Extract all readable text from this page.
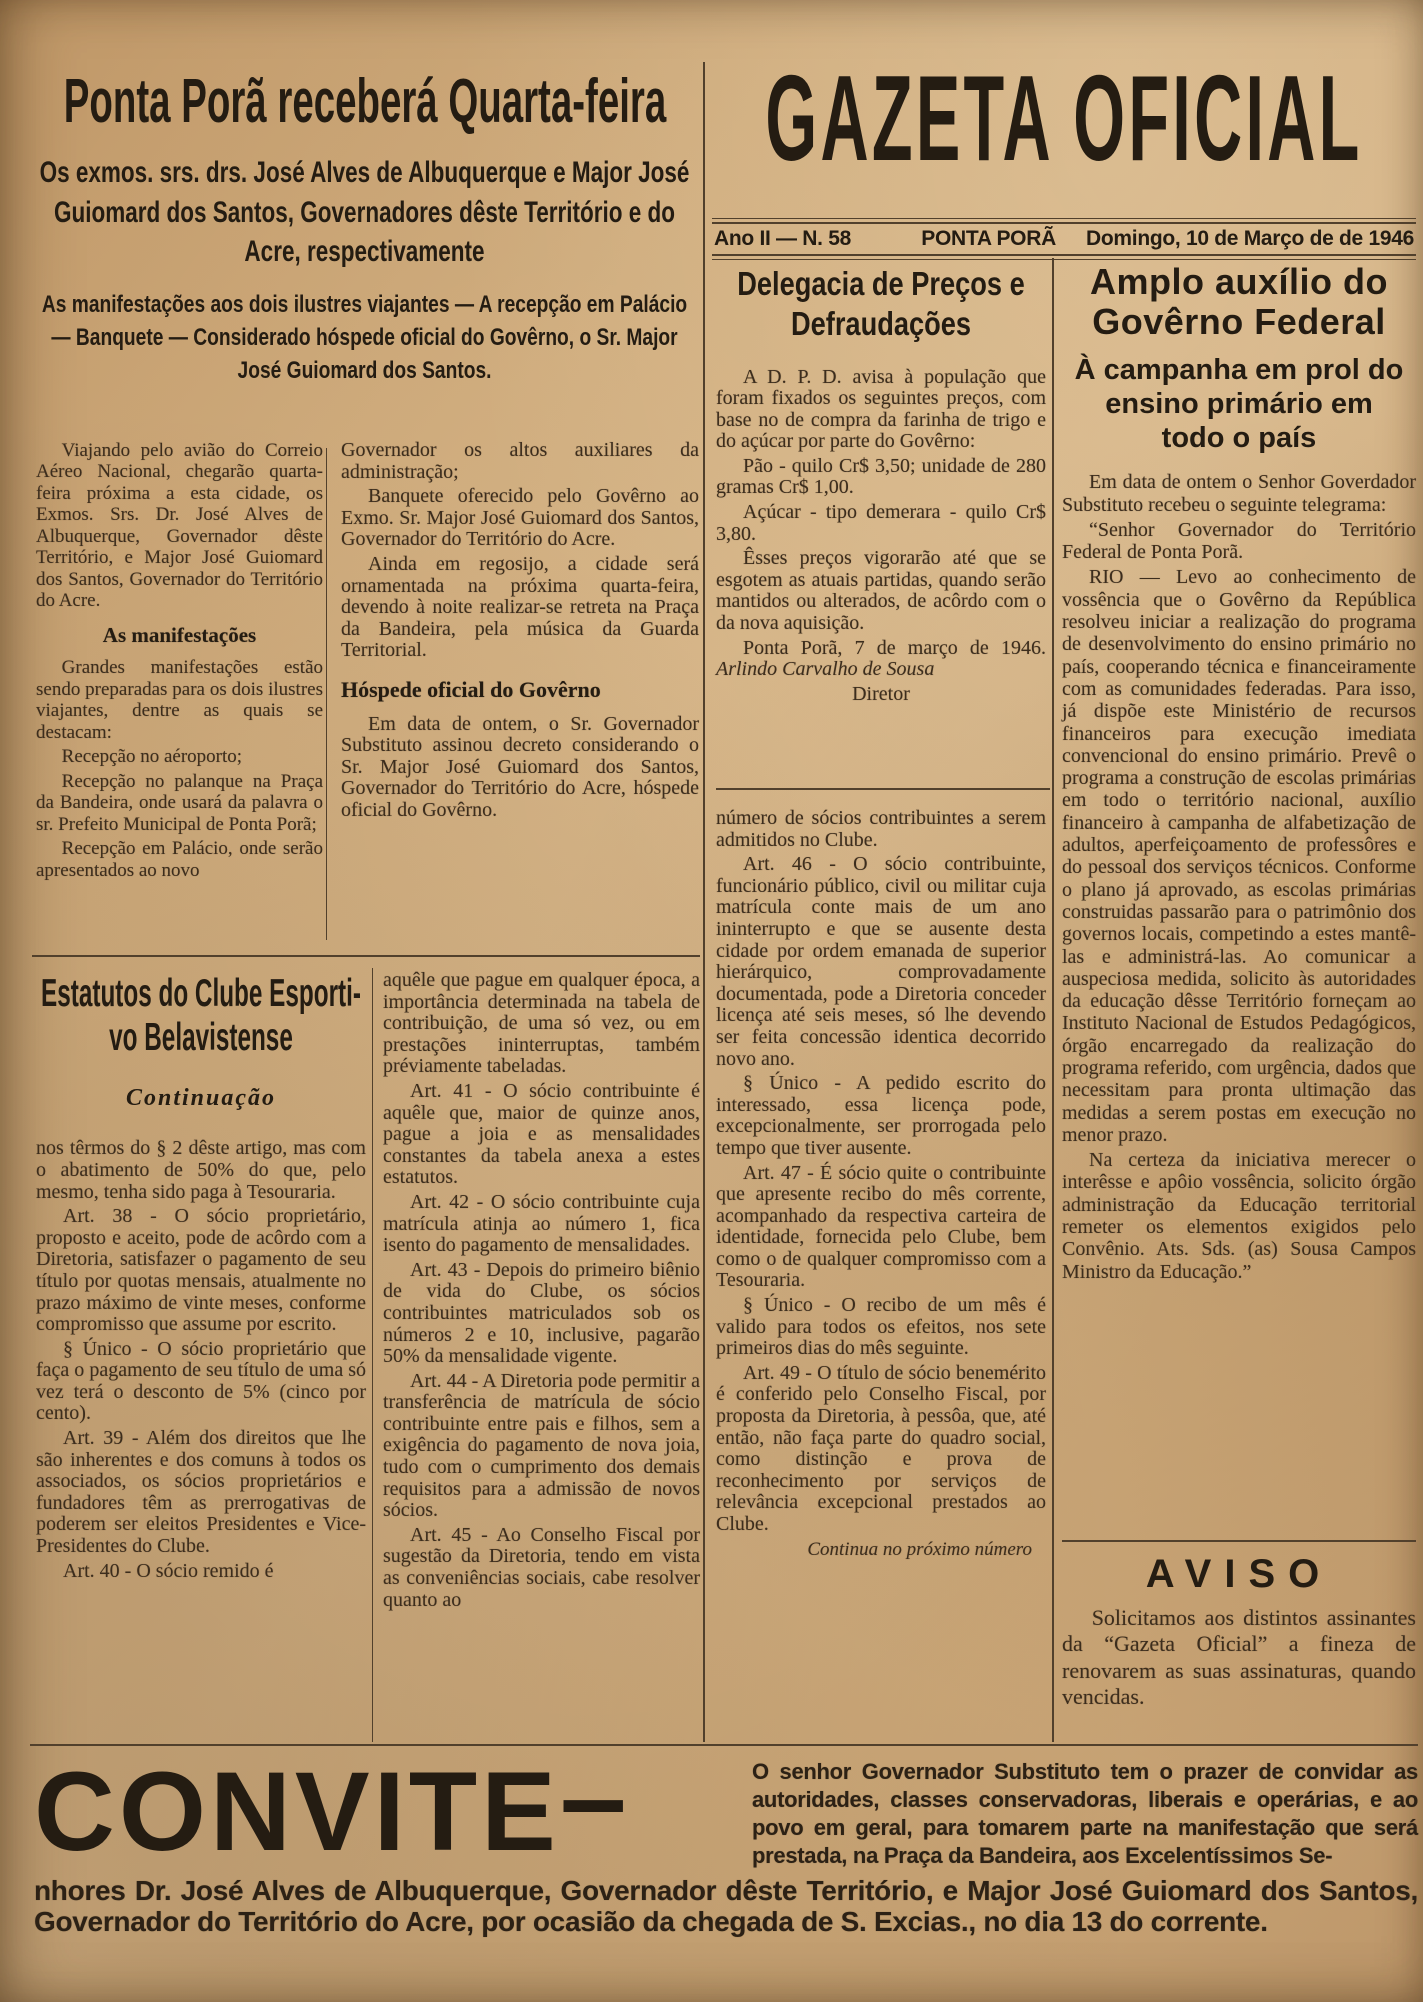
Ponta Porã receberá Quarta-feira
Os exmos. srs. drs. José Alves de Albuquerque e Major José Guiomard dos Santos, Governadores dêste Território e do Acre, respectivamente
As manifestações aos dois ilustres viajantes — A recepção em Palácio — Banquete — Considerado hóspede oficial do Govêrno, o Sr. Major José Guiomard dos Santos.
GAZETA OFICIAL
Ano II — N. 58	PONTA PORÃ	Domingo, 10 de Março de de 1946

Viajando pelo avião do Correio Aéreo Nacional, chegarão quarta-feira próxima a esta cidade, os Exmos. Srs. Dr. José Alves de Albuquerque, Governador dêste Território, e Major José Guiomard dos Santos, Governador do Território do Acre.

As manifestações

Grandes manifestações estão sendo preparadas para os dois ilustres viajantes, dentre as quais se destacam:

Recepção no aéroporto;

Recepção no palanque na Praça da Bandeira, onde usará da palavra o sr. Prefeito Municipal de Ponta Porã;

Recepção em Palácio, onde serão apresentados ao novo

Governador os altos auxiliares da administração;

Banquete oferecido pelo Govêrno ao Exmo. Sr. Major José Guiomard dos Santos, Governador do Território do Acre.

Ainda em regosijo, a cidade será ornamentada na próxima quarta-feira, devendo à noite realizar-se retreta na Praça da Bandeira, pela música da Guarda Territorial.

Hóspede oficial do Govêrno

Em data de ontem, o Sr. Governador Substituto assinou decreto considerando o Sr. Major José Guiomard dos Santos, Governador do Território do Acre, hóspede oficial do Govêrno.

Estatutos do Clube Esporti-
vo Belavistense
Continuação

nos têrmos do § 2 dêste artigo, mas com o abatimento de 50% do que, pelo mesmo, tenha sido paga à Tesouraria.

Art. 38 - O sócio proprietário, proposto e aceito, pode de acôrdo com a Diretoria, satisfazer o pagamento de seu título por quotas mensais, atualmente no prazo máximo de vinte meses, conforme compromisso que assume por escrito.

§ Único - O sócio proprietário que faça o pagamento de seu título de uma só vez terá o desconto de 5% (cinco por cento).

Art. 39 - Além dos direitos que lhe são inherentes e dos comuns à todos os associados, os sócios proprietários e fundadores têm as prerrogativas de poderem ser eleitos Presidentes e Vice-Presidentes do Clube.

Art. 40 - O sócio remido é

aquêle que pague em qualquer época, a importância determinada na tabela de contribuição, de uma só vez, ou em prestações ininterruptas, também préviamente tabeladas.

Art. 41 - O sócio contribuinte é aquêle que, maior de quinze anos, pague a joia e as mensalidades constantes da tabela anexa a estes estatutos.

Art. 42 - O sócio contribuinte cuja matrícula atinja ao número 1, fica isento do pagamento de mensalidades.

Art. 43 - Depois do primeiro biênio de vida do Clube, os sócios contribuintes matriculados sob os números 2 e 10, inclusive, pagarão 50% da mensalidade vigente.

Art. 44 - A Diretoria pode permitir a transferência de matrícula de sócio contribuinte entre pais e filhos, sem a exigência do pagamento de nova joia, tudo com o cumprimento dos demais requisitos para a admissão de novos sócios.

Art. 45 - Ao Conselho Fiscal por sugestão da Diretoria, tendo em vista as conveniências sociais, cabe resolver quanto ao

Delegacia de Preços e Defraudações

A D. P. D. avisa à população que foram fixados os seguintes preços, com base no de compra da farinha de trigo e do açúcar por parte do Govêrno:

Pão - quilo Cr$ 3,50; unidade de 280 gramas Cr$ 1,00.

Açúcar - tipo demerara - quilo Cr$ 3,80.

Êsses preços vigorarão até que se esgotem as atuais partidas, quando serão mantidos ou alterados, de acôrdo com o da nova aquisição.

Ponta Porã, 7 de março de 1946. Arlindo Carvalho de Sousa

Diretor

número de sócios contribuintes a serem admitidos no Clube.

Art. 46 - O sócio contribuinte, funcionário público, civil ou militar cuja matrícula conte mais de um ano ininterrupto e que se ausente desta cidade por ordem emanada de superior hierárquico, comprovadamente documentada, pode a Diretoria conceder licença até seis meses, só lhe devendo ser feita concessão identica decorrido novo ano.

§ Único - A pedido escrito do interessado, essa licença pode, excepcionalmente, ser prorrogada pelo tempo que tiver ausente.

Art. 47 - É sócio quite o contribuinte que apresente recibo do mês corrente, acompanhado da respectiva carteira de identidade, fornecida pelo Clube, bem como o de qualquer compromisso com a Tesouraria.

§ Único - O recibo de um mês é valido para todos os efeitos, nos sete primeiros dias do mês seguinte.

Art. 49 - O título de sócio benemérito é conferido pelo Conselho Fiscal, por proposta da Diretoria, à pessôa, que, até então, não faça parte do quadro social, como distinção e prova de reconhecimento por serviços de relevância excepcional prestados ao Clube.

Continua no próximo número

Amplo auxílio do Govêrno Federal
À campanha em prol do ensino primário em todo o país

Em data de ontem o Senhor Goverdador Substituto recebeu o seguinte telegrama:

“Senhor Governador do Território Federal de Ponta Porã.

RIO — Levo ao conhecimento de vossência que o Govêrno da República resolveu iniciar a realização do programa de desenvolvimento do ensino primário no país, cooperando técnica e financeiramente com as comunidades federadas. Para isso, já dispõe este Ministério de recursos financeiros para execução imediata convencional do ensino primário. Prevê o programa a construção de escolas primárias em todo o território nacional, auxílio financeiro à campanha de alfabetização de adultos, aperfeiçoamento de professôres e do pessoal dos serviços técnicos. Conforme o plano já aprovado, as escolas primárias construidas passarão para o patrimônio dos governos locais, competindo a estes mantê-las e administrá-las. Ao comunicar a auspeciosa medida, solicito às autoridades da educação dêsse Território forneçam ao Instituto Nacional de Estudos Pedagógicos, órgão encarregado da realização do programa referido, com urgência, dados que necessitam para pronta ultimação das medidas a serem postas em execução no menor prazo.

Na certeza da iniciativa merecer o interêsse e apôio vossência, solicito órgão administração da Educação territorial remeter os elementos exigidos pelo Convênio. Ats. Sds. (as) Sousa Campos Ministro da Educação.”

AVISO

Solicitamos aos distintos assinantes da “Gazeta Oficial” a fineza de renovarem as suas assinaturas, quando vencidas.

CONVITE–	O senhor Governador Substituto tem o prazer de convidar as autoridades, classes conservadoras, liberais e operárias, e ao povo em geral, para tomarem parte na manifestação que será prestada, na Praça da Bandeira, aos Excelentíssimos Se-

nhores Dr. José Alves de Albuquerque, Governador dêste Território, e Major José Guiomard dos Santos, Governador do Território do Acre, por ocasião da chegada de S. Excias., no dia 13 do corrente.
